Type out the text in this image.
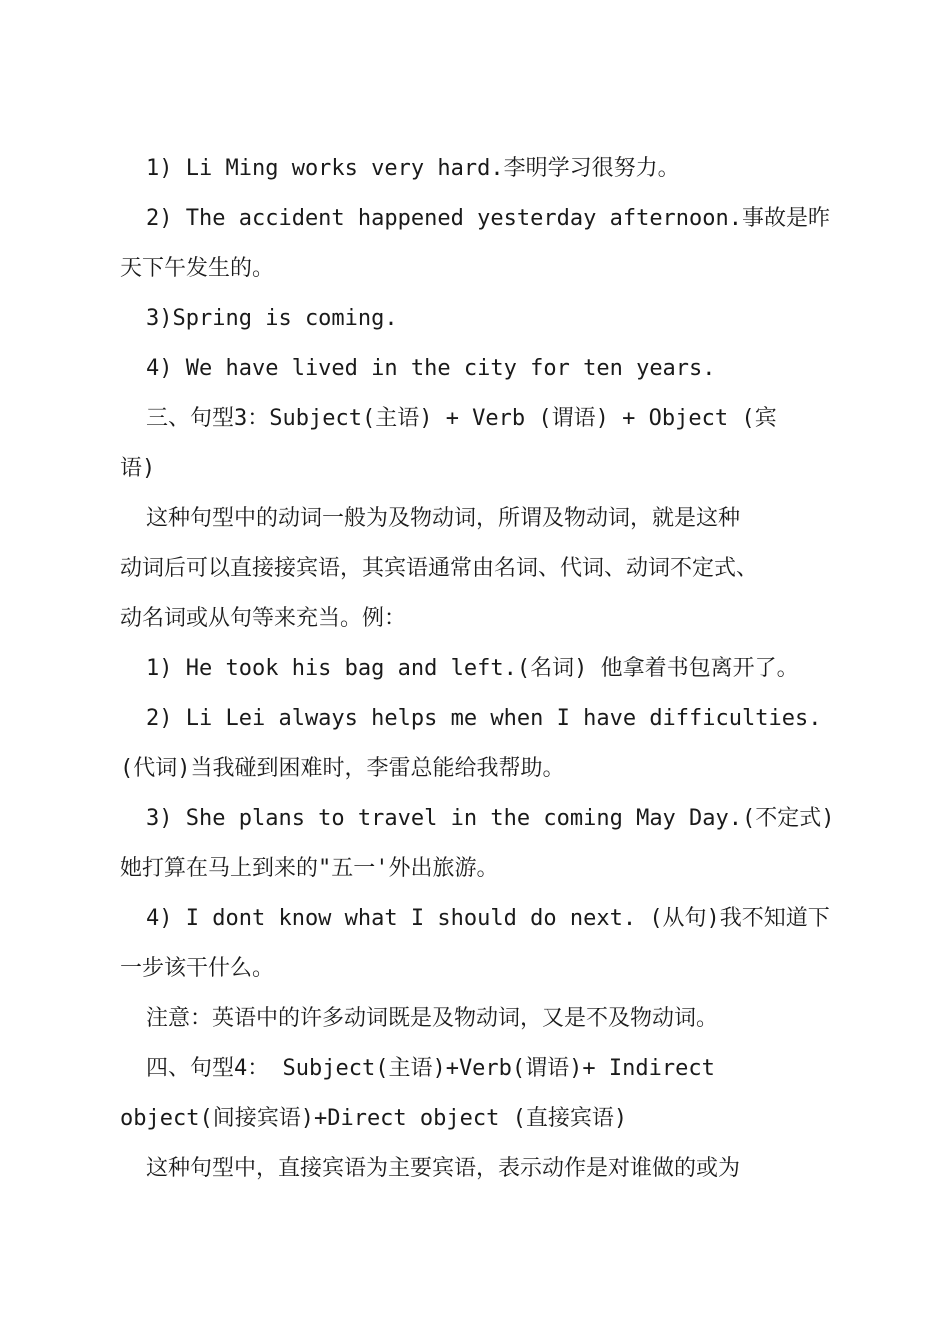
1) Li Ming works very hard.李明学习很努力。
2) The accident happened yesterday afternoon.事故是昨
天下午发生的。
3)Spring is coming.
4) We have lived in the city for ten years.
三、句型3：Subject(主语) + Verb (谓语) + Object (宾
语)
这种句型中的动词一般为及物动词，所谓及物动词，就是这种
动词后可以直接接宾语，其宾语通常由名词、代词、动词不定式、
动名词或从句等来充当。例：
1) He took his bag and left.(名词) 他拿着书包离开了。
2) Li Lei always helps me when I have difficulties.
(代词)当我碰到困难时，李雷总能给我帮助。
3) She plans to travel in the coming May Day.(不定式)
她打算在马上到来的"五一'外出旅游。
4) I dont know what I should do next. (从句)我不知道下
一步该干什么。
注意：英语中的许多动词既是及物动词，又是不及物动词。
四、句型4： Subject(主语)+Verb(谓语)+ Indirect
object(间接宾语)+Direct object (直接宾语)
这种句型中，直接宾语为主要宾语，表示动作是对谁做的或为
